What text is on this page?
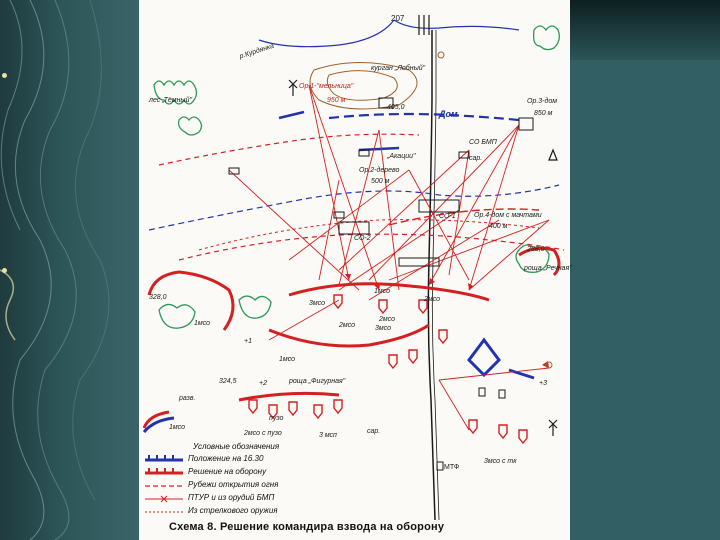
207
р.Курдянка
курган „Лобный"
лес „Тёмный"
Ор.1-"мельница"
950 м
405,0
Дом
Ор.3-дом
850 м
СО БМП
„Акации"
Ор.2-дерево
500 м
сар.
Ор.4-дом с мачтами
400 м
СО-1
СО-2
238,0
роща „Речная"
328,0
1мсо
3мсо
2мсо
2мсо
1мсо
2мсо
3мсо
1мсо
+1
+3
+2
324,5	роща „Фигурная"
разв.
пузо
1мсо
2мсо с пузо	3 мсп
сар.
МТФ
3мсо с тк
Условные обозначения
Положение на 16.30
Решение на оборону
Рубежи открытия огня
ПТУР и из орудий БМП
Из стрелкового оружия
Схема 8. Решение командира взвода на оборону
